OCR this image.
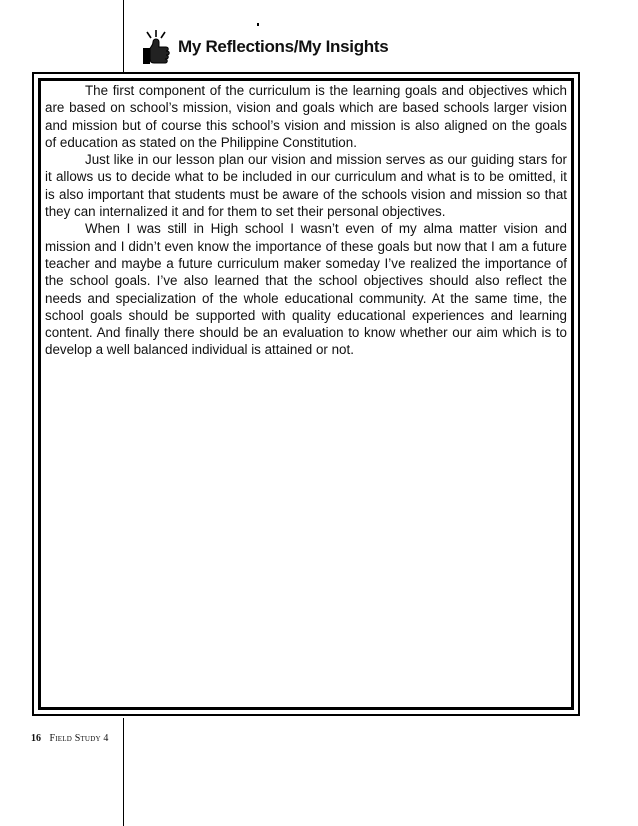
My Reflections/My Insights

The first component of the curriculum is the learning goals and objectives which are based on school’s mission, vision and goals which are based schools larger vision and mission but of course this school’s vision and mission is also aligned on the goals of education as stated on the Philippine Constitution.

Just like in our lesson plan our vision and mission serves as our guiding stars for it allows us to decide what to be included in our curriculum and what is to be omitted, it is also important that students must be aware of the schools vision and mission so that they can internalized it and for them to set their personal objectives.

When I was still in High school I wasn’t even of my alma matter vision and mission and I didn’t even know the importance of these goals but now that I am a future teacher and maybe a future curriculum maker someday I’ve realized the importance of the school goals. I’ve also learned that the school objectives should also reflect the needs and specialization of the whole educational community. At the same time, the school goals should be supported with quality educational experiences and learning content. And finally there should be an evaluation to know whether our aim which is to develop a well balanced individual is attained or not.

16 Field Study 4
